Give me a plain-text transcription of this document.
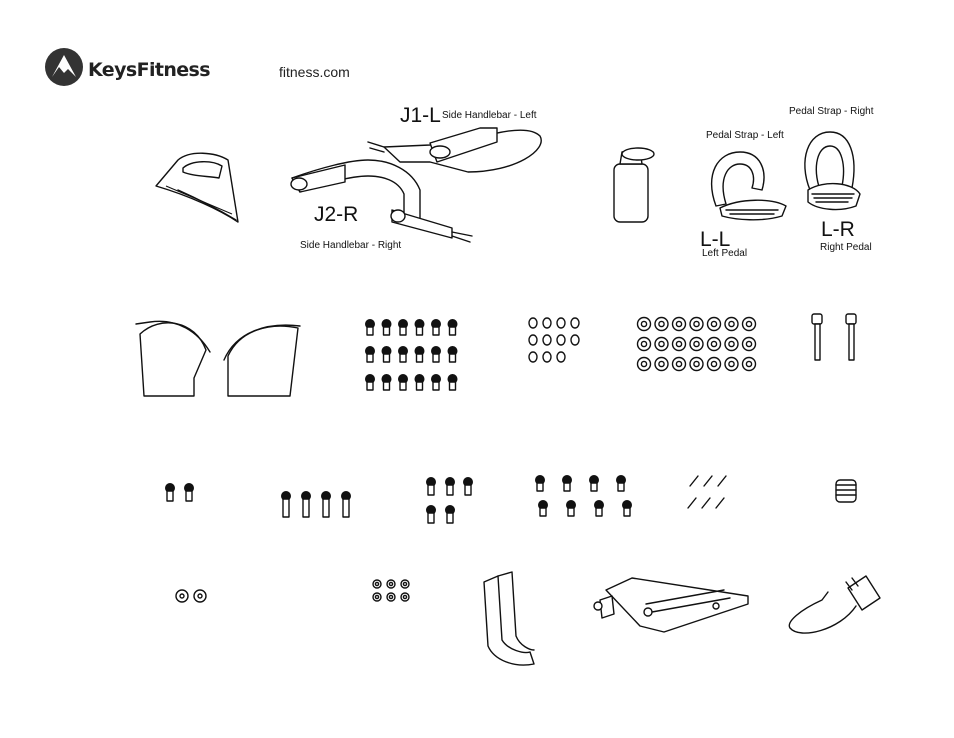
KeysFitness	fitness.com
J1-L Side Handlebar - Left
J2-R
Side Handlebar - Right
Pedal Strap - Right
Pedal Strap - Left
L-L
Left Pedal
L-R
Right Pedal
